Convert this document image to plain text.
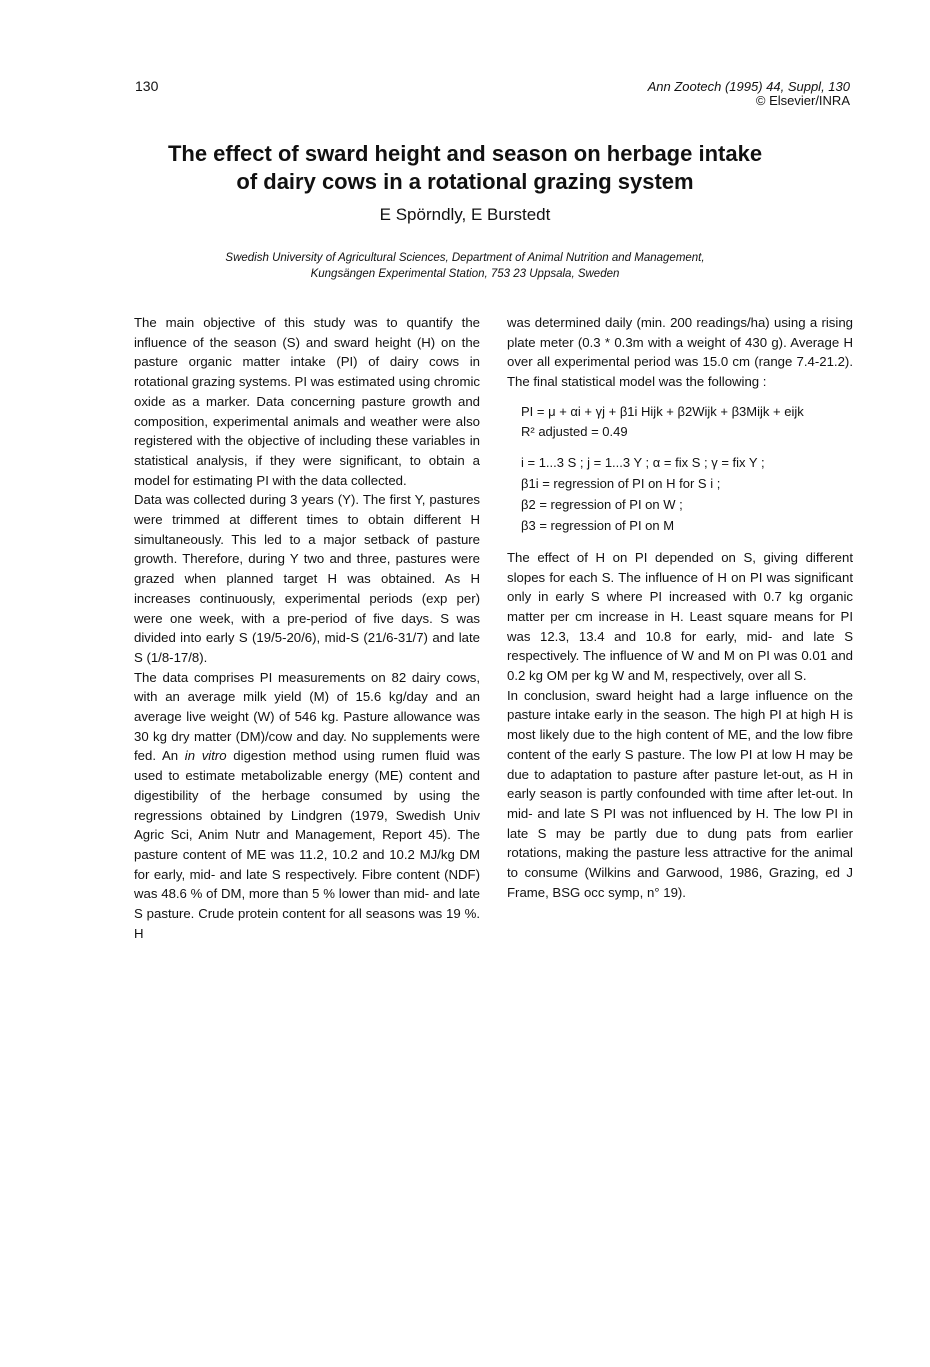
130	Ann Zootech (1995) 44, Suppl, 130
© Elsevier/INRA
The effect of sward height and season on herbage intake
of dairy cows in a rotational grazing system
E Spörndly, E Burstedt
Swedish University of Agricultural Sciences, Department of Animal Nutrition and Management,
Kungsängen Experimental Station, 753 23 Uppsala, Sweden

The main objective of this study was to quantify the influence of the season (S) and sward height (H) on the pasture organic matter intake (PI) of dairy cows in rotational grazing systems. PI was estimated using chromic oxide as a marker. Data concerning pasture growth and composition, experimental animals and weather were also registered with the objective of including these variables in statistical analysis, if they were significant, to obtain a model for estimating PI with the data collected.

Data was collected during 3 years (Y). The first Y, pastures were trimmed at different times to obtain different H simultaneously. This led to a major setback of pasture growth. Therefore, during Y two and three, pastures were grazed when planned target H was obtained. As H increases continuously, experimental periods (exp per) were one week, with a pre-period of five days. S was divided into early S (19/5-20/6), mid-S (21/6-31/7) and late S (1/8-17/8).

The data comprises PI measurements on 82 dairy cows, with an average milk yield (M) of 15.6 kg/day and an average live weight (W) of 546 kg. Pasture allowance was 30 kg dry matter (DM)/cow and day. No supplements were fed. An in vitro digestion method using rumen fluid was used to estimate metabolizable energy (ME) content and digestibility of the herbage consumed by using the regressions obtained by Lindgren (1979, Swedish Univ Agric Sci, Anim Nutr and Management, Report 45). The pasture content of ME was 11.2, 10.2 and 10.2 MJ/kg DM for early, mid- and late S respectively. Fibre content (NDF) was 48.6 % of DM, more than 5 % lower than mid- and late S pasture. Crude protein content for all seasons was 19 %. H

was determined daily (min. 200 readings/ha) using a rising plate meter (0.3 * 0.3m with a weight of 430 g). Average H over all experimental period was 15.0 cm (range 7.4-21.2). The final statistical model was the following :

PI = μ + αi + γj + β1i Hijk + β2Wijk + β3Mijk + eijk
R² adjusted = 0.49
i = 1...3 S ; j = 1...3 Y ; α = fix S ; γ = fix Y ;
β1i = regression of PI on H for S i ;
β2 = regression of PI on W ;
β3 = regression of PI on M

The effect of H on PI depended on S, giving different slopes for each S. The influence of H on PI was significant only in early S where PI increased with 0.7 kg organic matter per cm increase in H. Least square means for PI was 12.3, 13.4 and 10.8 for early, mid- and late S respectively. The influence of W and M on PI was 0.01 and 0.2 kg OM per kg W and M, respectively, over all S.

In conclusion, sward height had a large influence on the pasture intake early in the season. The high PI at high H is most likely due to the high content of ME, and the low fibre content of the early S pasture. The low PI at low H may be due to adaptation to pasture after pasture let-out, as H in early season is partly confounded with time after let-out. In mid- and late S PI was not influenced by H. The low PI in late S may be partly due to dung pats from earlier rotations, making the pasture less attractive for the animal to consume (Wilkins and Garwood, 1986, Grazing, ed J Frame, BSG occ symp, n° 19).
